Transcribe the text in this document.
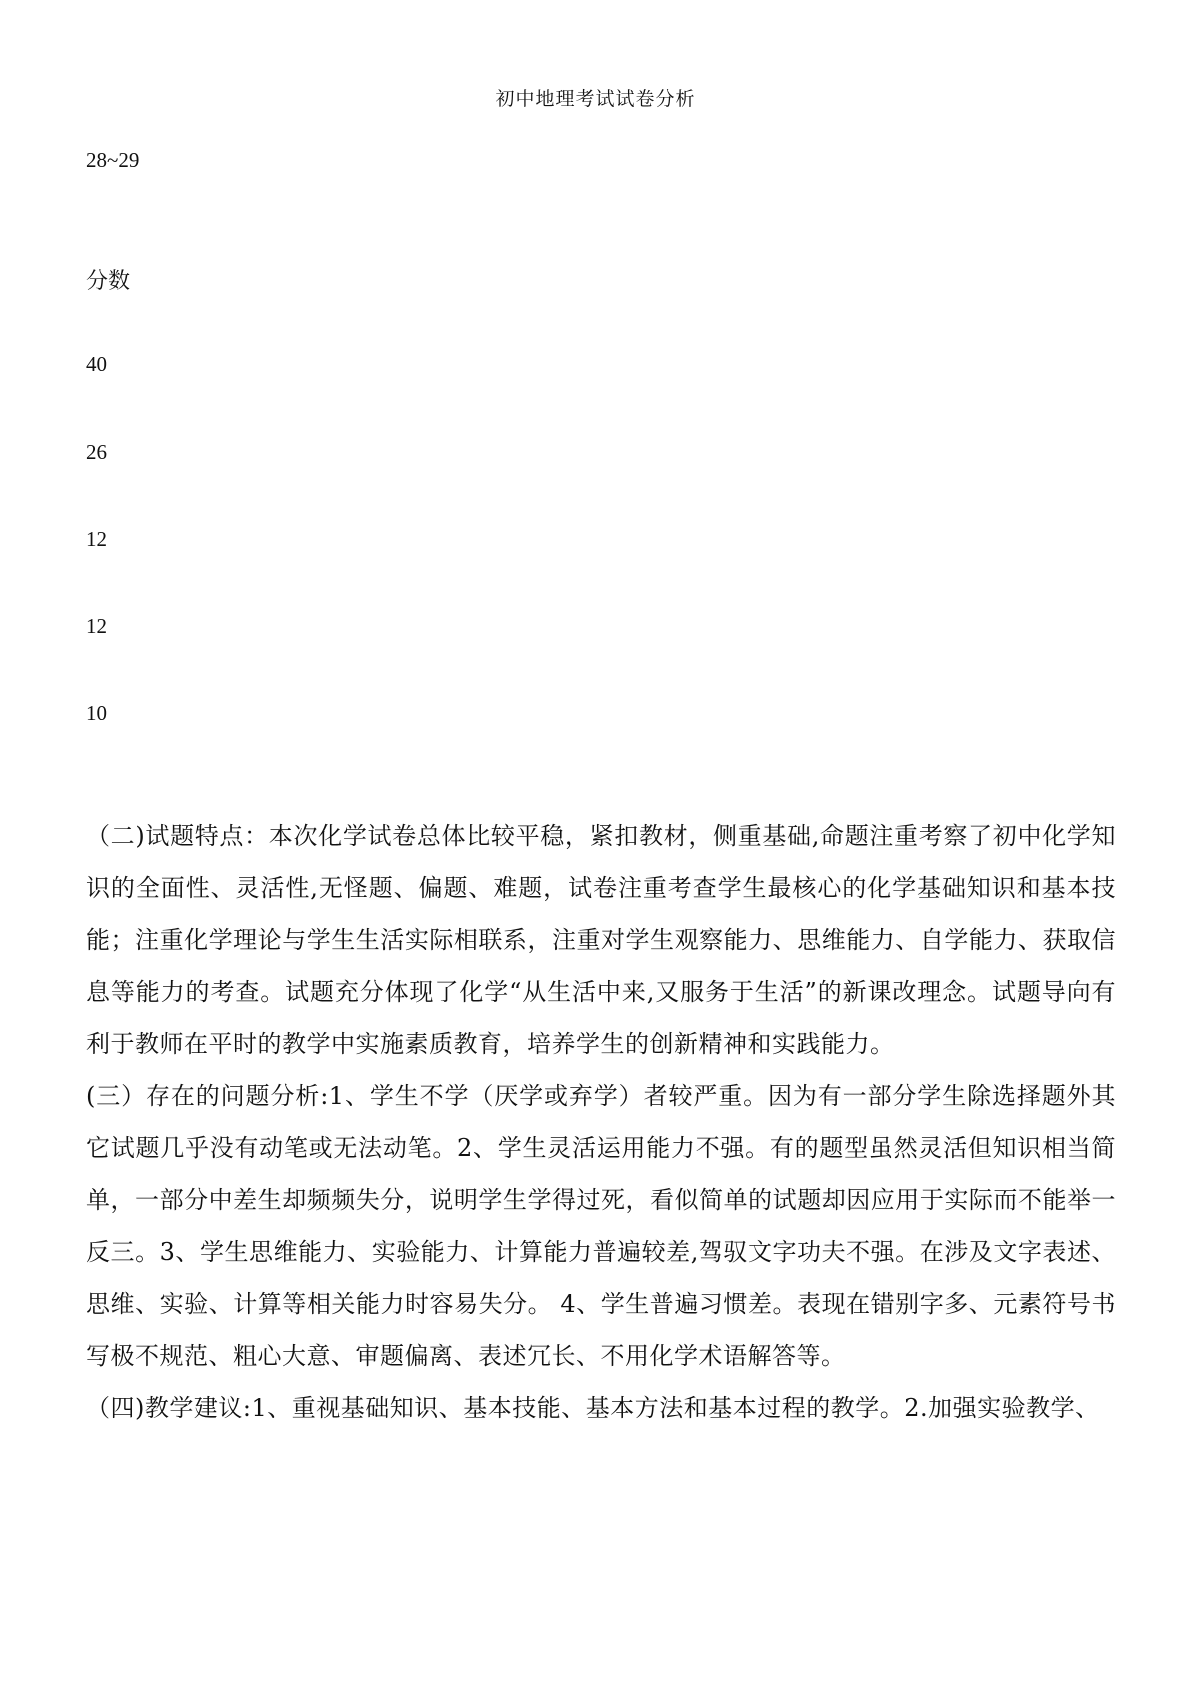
初中地理考试试卷分析
28~29
分数
40
26
12
12
10

（二)试题特点：本次化学试卷总体比较平稳，紧扣教材，侧重基础,命题注重考察了初中化学知识的全面性、灵活性,无怪题、偏题、难题，试卷注重考查学生最核心的化学基础知识和基本技能；注重化学理论与学生生活实际相联系，注重对学生观察能力、思维能力、自学能力、获取信息等能力的考查。试题充分体现了化学“从生活中来,又服务于生活”的新课改理念。试题导向有利于教师在平时的教学中实施素质教育，培养学生的创新精神和实践能力。

(三）存在的问题分析:1、学生不学（厌学或弃学）者较严重。因为有一部分学生除选择题外其它试题几乎没有动笔或无法动笔。2、学生灵活运用能力不强。有的题型虽然灵活但知识相当简单，一部分中差生却频频失分，说明学生学得过死，看似简单的试题却因应用于实际而不能举一反三。3、学生思维能力、实验能力、计算能力普遍较差,驾驭文字功夫不强。在涉及文字表述、思维、实验、计算等相关能力时容易失分。 4、学生普遍习惯差。表现在错别字多、元素符号书写极不规范、粗心大意、审题偏离、表述冗长、不用化学术语解答等。

（四)教学建议:1、重视基础知识、基本技能、基本方法和基本过程的教学。2.加强实验教学、
